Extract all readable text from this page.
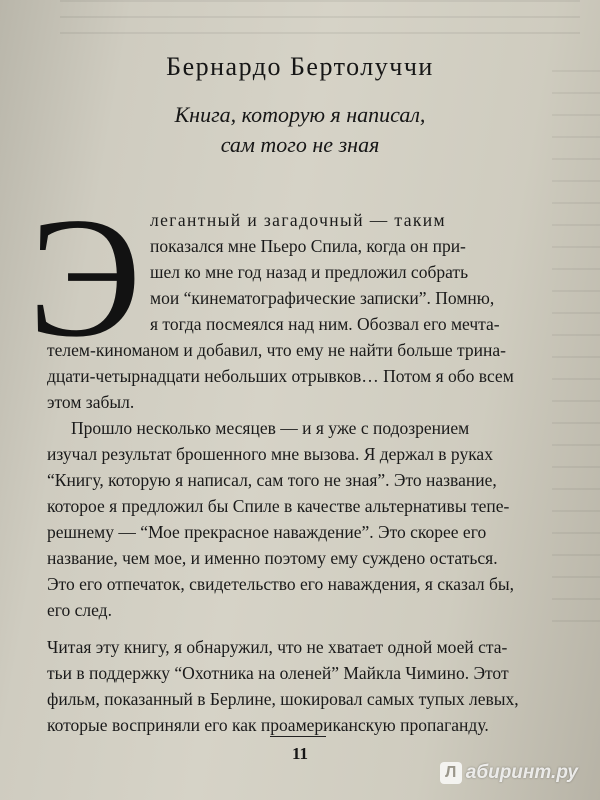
Бернардо Бертолуччи
Книга, которую я написал,
сам того не зная
Э легантный и загадочный — таким
показался мне Пьеро Спила, когда он при-
шел ко мне год назад и предложил собрать
мои “кинематографические записки”. Помню,
я тогда посмеялся над ним. Обозвал его мечта-
телем-киноманом и добавил, что ему не найти больше трина-
дцати-четырнадцати небольших отрывков… Потом я обо всем
этом забыл.
Прошло несколько месяцев — и я уже с подозрением
изучал результат брошенного мне вызова. Я держал в руках
“Книгу, которую я написал, сам того не зная”. Это название,
которое я предложил бы Спиле в качестве альтернативы тепе-
решнему — “Мое прекрасное наваждение”. Это скорее его
название, чем мое, и именно поэтому ему суждено остаться.
Это его отпечаток, свидетельство его наваждения, я сказал бы,
его след.
Читая эту книгу, я обнаружил, что не хватает одной моей ста-
тьи в поддержку “Охотника на оленей” Майкла Чимино. Этот
фильм, показанный в Берлине, шокировал самых тупых левых,
которые восприняли его как проамериканскую пропаганду.
11
Л абиринт.ру
